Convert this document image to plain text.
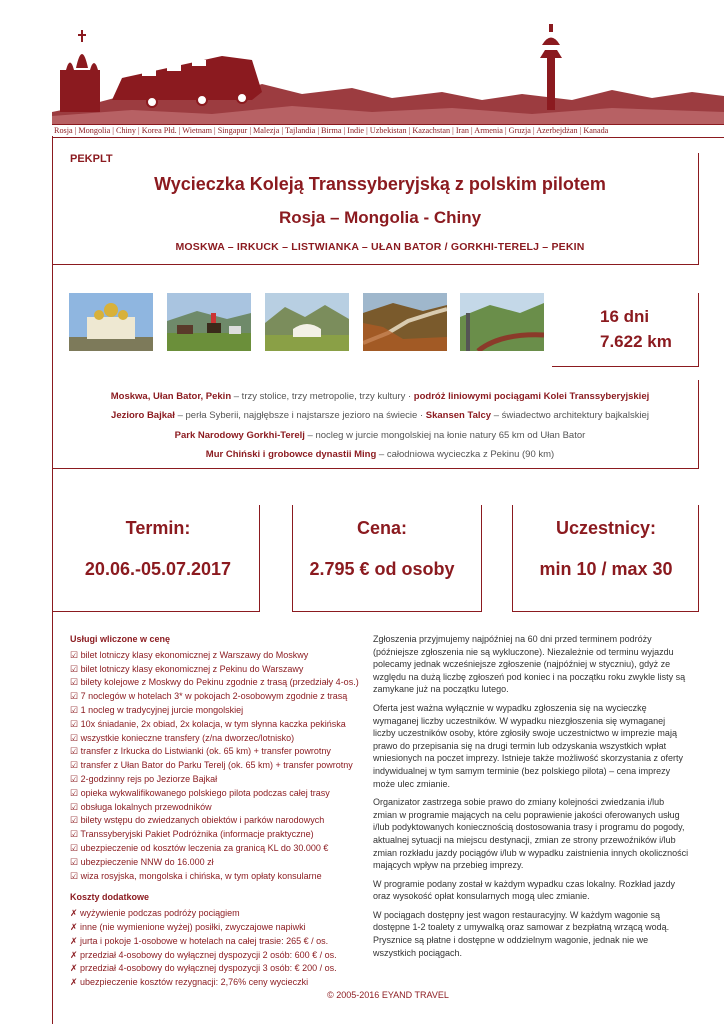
Rosja | Mongolia | Chiny | Korea Płd. | Wietnam | Singapur | Malezja | Tajlandia | Birma | Indie | Uzbekistan | Kazachstan | Iran | Armenia | Gruzja | Azerbejdżan | Kanada
PEKPLT
Wycieczka Koleją Transsyberyjską z polskim pilotem
Rosja – Mongolia - Chiny
MOSKWA – IRKUCK – LISTWIANKA – UŁAN BATOR / GORKHI-TERELJ – PEKIN
16 dni
7.622 km
Moskwa, Ułan Bator, Pekin – trzy stolice, trzy metropolie, trzy kultury · podróż liniowymi pociągami Kolei Transsyberyjskiej
Jezioro Bajkał – perła Syberii, najgłębsze i najstarsze jezioro na świecie · Skansen Talcy – świadectwo architektury bajkalskiej
Park Narodowy Gorkhi-Terelj – nocleg w jurcie mongolskiej na łonie natury 65 km od Ułan Bator
Mur Chiński i grobowce dynastii Ming – całodniowa wycieczka z Pekinu (90 km)
Termin:
20.06.-05.07.2017
Cena:
2.795 € od osoby
Uczestnicy:
min 10 / max 30
Usługi wliczone w cenę
☑ bilet lotniczy klasy ekonomicznej z Warszawy do Moskwy
☑ bilet lotniczy klasy ekonomicznej z Pekinu do Warszawy
☑ bilety kolejowe z Moskwy do Pekinu zgodnie z trasą (przedziały 4-os.)
☑ 7 noclegów w hotelach 3* w pokojach 2-osobowym zgodnie z trasą
☑ 1 nocleg w tradycyjnej jurcie mongolskiej
☑ 10x śniadanie, 2x obiad, 2x kolacja, w tym słynna kaczka pekińska
☑ wszystkie konieczne transfery (z/na dworzec/lotnisko)
☑ transfer z Irkucka do Listwianki (ok. 65 km) + transfer powrotny
☑ transfer z Ułan Bator do Parku Terelj (ok. 65 km) + transfer powrotny
☑ 2-godzinny rejs po Jeziorze Bajkał
☑ opieka wykwalifikowanego polskiego pilota podczas całej trasy
☑ obsługa lokalnych przewodników
☑ bilety wstępu do zwiedzanych obiektów i parków narodowych
☑ Transsyberyjski Pakiet Podróżnika (informacje praktyczne)
☑ ubezpieczenie od kosztów leczenia za granicą KL do 30.000 €
☑ ubezpieczenie NNW do 16.000 zł
☑ wiza rosyjska, mongolska i chińska, w tym opłaty konsularne
Koszty dodatkowe
✗ wyżywienie podczas podróży pociągiem
✗ inne (nie wymienione wyżej) posiłki, zwyczajowe napiwki
✗ jurta i pokoje 1-osobowe w hotelach na całej trasie: 265 € / os.
✗ przedział 4-osobowy do wyłącznej dyspozycji 2 osób: 600 € / os.
✗ przedział 4-osobowy do wyłącznej dyspozycji 3 osób: € 200 / os.
✗ ubezpieczenie kosztów rezygnacji: 2,76% ceny wycieczki

Zgłoszenia przyjmujemy najpóźniej na 60 dni przed terminem podróży (późniejsze zgłoszenia nie są wykluczone). Niezależnie od terminu wyjazdu polecamy jednak wcześniejsze zgłoszenie (najpóźniej w styczniu), gdyż ze względu na dużą liczbę zgłoszeń pod koniec i na początku roku zwykle listy są zamykane już na początku lutego.

Oferta jest ważna wyłącznie w wypadku zgłoszenia się na wycieczkę wymaganej liczby uczestników. W wypadku niezgłoszenia się wymaganej liczby uczestników osoby, które zgłosiły swoje uczestnictwo w imprezie mają prawo do przepisania się na drugi termin lub odzyskania wszystkich wpłat wniesionych na poczet imprezy. Istnieje także możliwość skorzystania z oferty indywidualnej w tym samym terminie (bez polskiego pilota) – cena imprezy może ulec zmianie.

Organizator zastrzega sobie prawo do zmiany kolejności zwiedzania i/lub zmian w programie mających na celu poprawienie jakości oferowanych usług i/lub podyktowanych koniecznością dostosowania trasy i programu do pogody, aktualnej sytuacji na miejscu destynacji, zmian ze strony przewoźników i/lub zmian rozkładu jazdy pociągów i/lub w wypadku zaistnienia innych okoliczności mających wpływ na przebieg imprezy.

W programie podany został w każdym wypadku czas lokalny. Rozkład jazdy oraz wysokość opłat konsularnych mogą ulec zmianie.

W pociągach dostępny jest wagon restauracyjny. W każdym wagonie są dostępne 1-2 toalety z umywalką oraz samowar z bezpłatną wrzącą wodą. Prysznice są płatne i dostępne w oddzielnym wagonie, jednak nie we wszystkich pociągach.

© 2005-2016 EYAND TRAVEL
